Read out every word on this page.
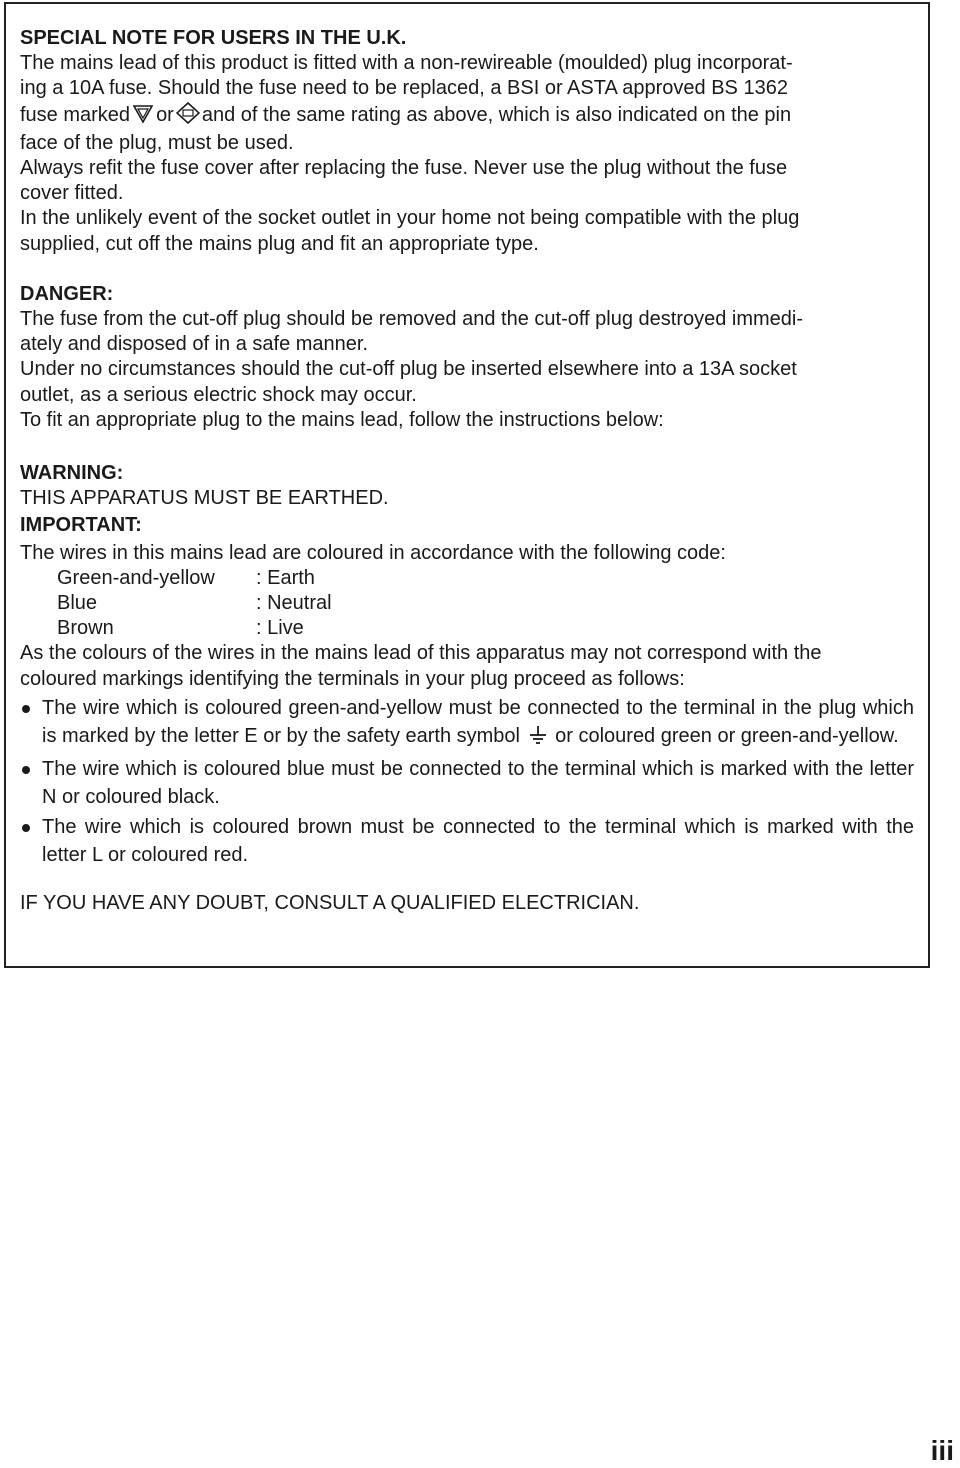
SPECIAL NOTE FOR USERS IN THE U.K.

The mains lead of this product is fitted with a non-rewireable (moulded) plug incorporat-

ing a 10A fuse. Should the fuse need to be replaced, a BSI or ASTA approved BS 1362

fuse marked or and of the same rating as above, which is also indicated on the pin

face of the plug, must be used.

Always refit the fuse cover after replacing the fuse. Never use the plug without the fuse

cover fitted.

In the unlikely event of the socket outlet in your home not being compatible with the plug

supplied, cut off the mains plug and fit an appropriate type.

DANGER:

The fuse from the cut-off plug should be removed and the cut-off plug destroyed immedi-

ately and disposed of in a safe manner.

Under no circumstances should the cut-off plug be inserted elsewhere into a 13A socket

outlet, as a serious electric shock may occur.

To fit an appropriate plug to the mains lead, follow the instructions below:

WARNING:

THIS APPARATUS MUST BE EARTHED.

IMPORTANT:

The wires in this mains lead are coloured in accordance with the following code:

Green-and-yellow	: Earth
Blue	: Neutral
Brown	: Live

As the colours of the wires in the mains lead of this apparatus may not correspond with the

coloured markings identifying the terminals in your plug proceed as follows:

The wire which is coloured green-and-yellow must be connected to the terminal in the plug which is marked by the letter E or by the safety earth symbol or coloured green or green-and-yellow.
The wire which is coloured blue must be connected to the terminal which is marked with the letter N or coloured black.
The wire which is coloured brown must be connected to the terminal which is marked with the letter L or coloured red.

IF YOU HAVE ANY DOUBT, CONSULT A QUALIFIED ELECTRICIAN.

iii
